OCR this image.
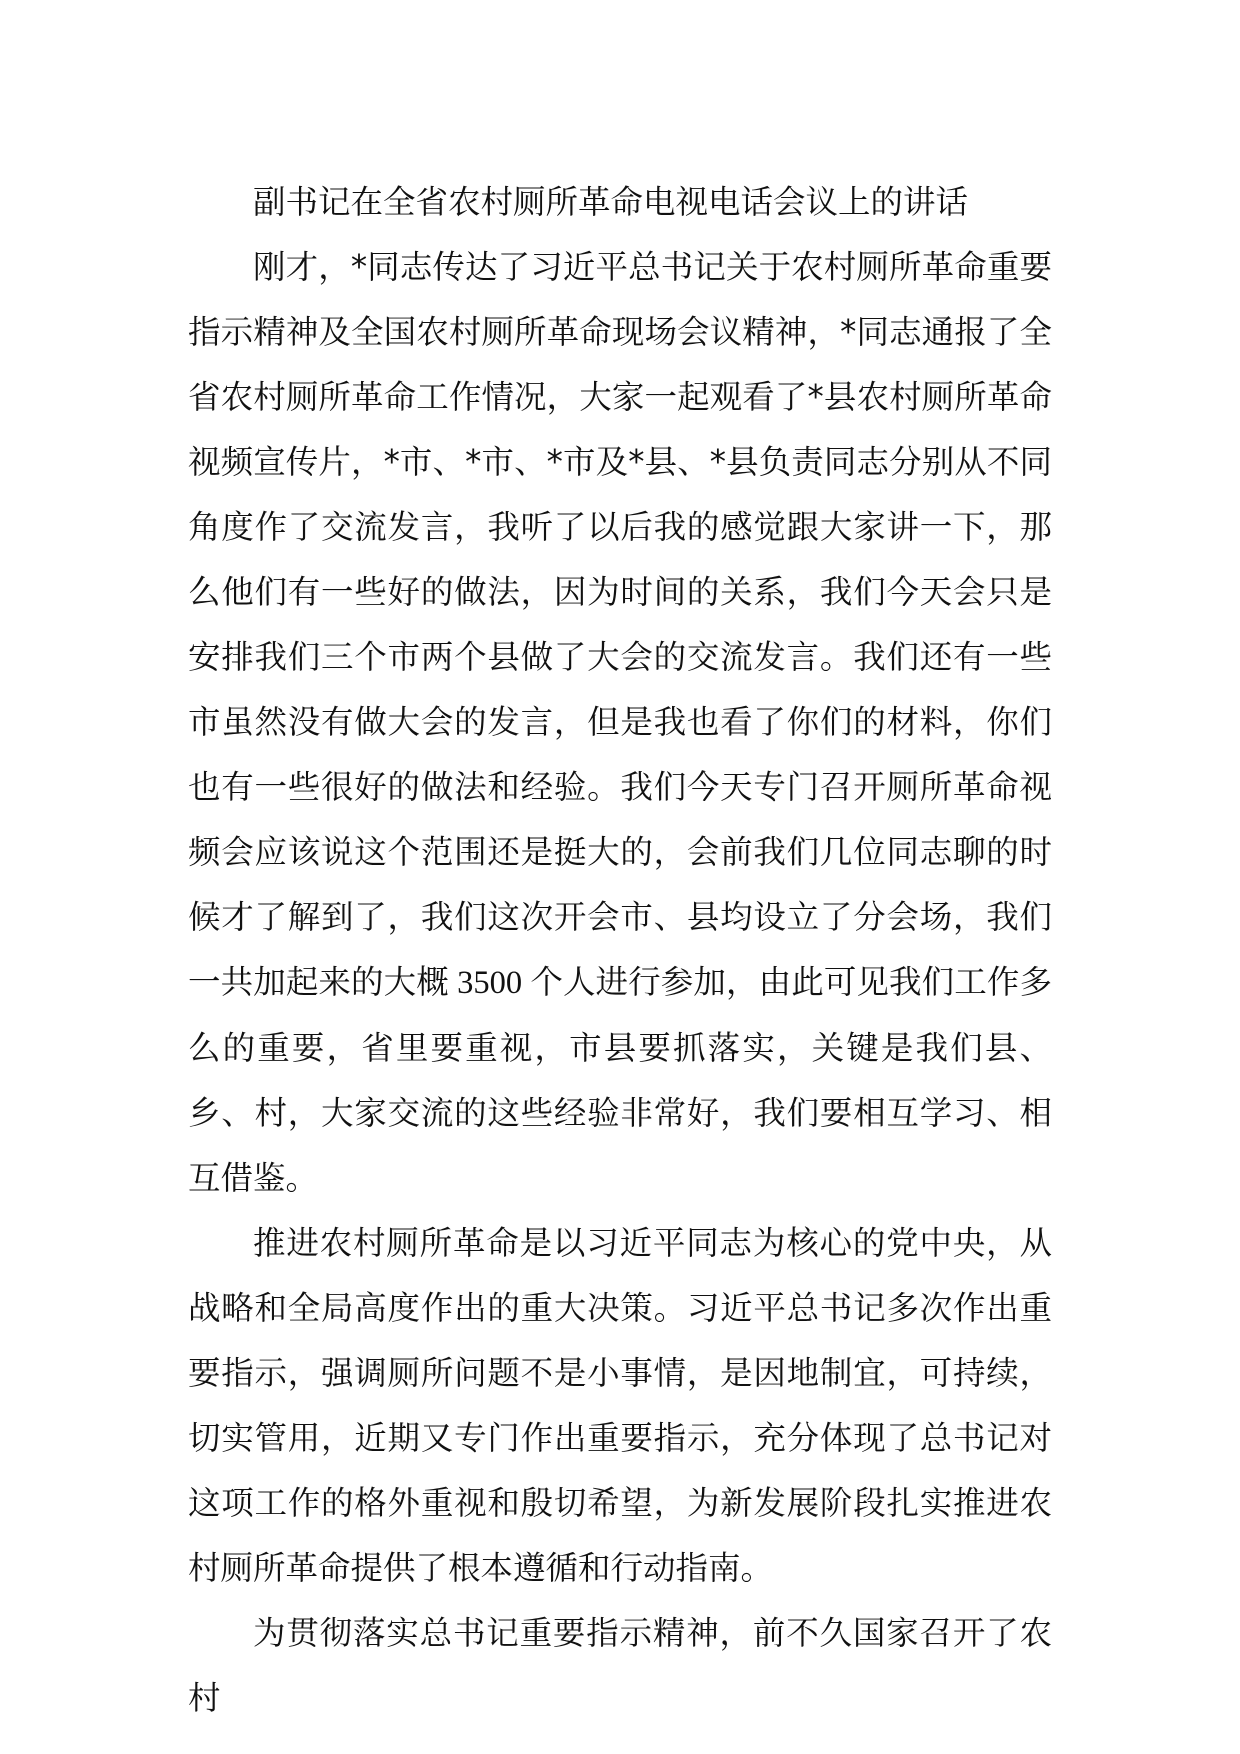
副书记在全省农村厕所革命电视电话会议上的讲话

刚才，*同志传达了习近平总书记关于农村厕所革命重要指示精神及全国农村厕所革命现场会议精神，*同志通报了全省农村厕所革命工作情况，大家一起观看了*县农村厕所革命视频宣传片，*市、*市、*市及*县、*县负责同志分别从不同角度作了交流发言，我听了以后我的感觉跟大家讲一下，那么他们有一些好的做法，因为时间的关系，我们今天会只是安排我们三个市两个县做了大会的交流发言。我们还有一些市虽然没有做大会的发言，但是我也看了你们的材料，你们也有一些很好的做法和经验。我们今天专门召开厕所革命视频会应该说这个范围还是挺大的，会前我们几位同志聊的时候才了解到了，我们这次开会市、县均设立了分会场，我们一共加起来的大概 3500 个人进行参加，由此可见我们工作多么的重要，省里要重视，市县要抓落实，关键是我们县、乡、村，大家交流的这些经验非常好，我们要相互学习、相互借鉴。

推进农村厕所革命是以习近平同志为核心的党中央，从战略和全局高度作出的重大决策。习近平总书记多次作出重要指示，强调厕所问题不是小事情，是因地制宜，可持续，切实管用，近期又专门作出重要指示，充分体现了总书记对这项工作的格外重视和殷切希望，为新发展阶段扎实推进农村厕所革命提供了根本遵循和行动指南。

为贯彻落实总书记重要指示精神，前不久国家召开了农村
